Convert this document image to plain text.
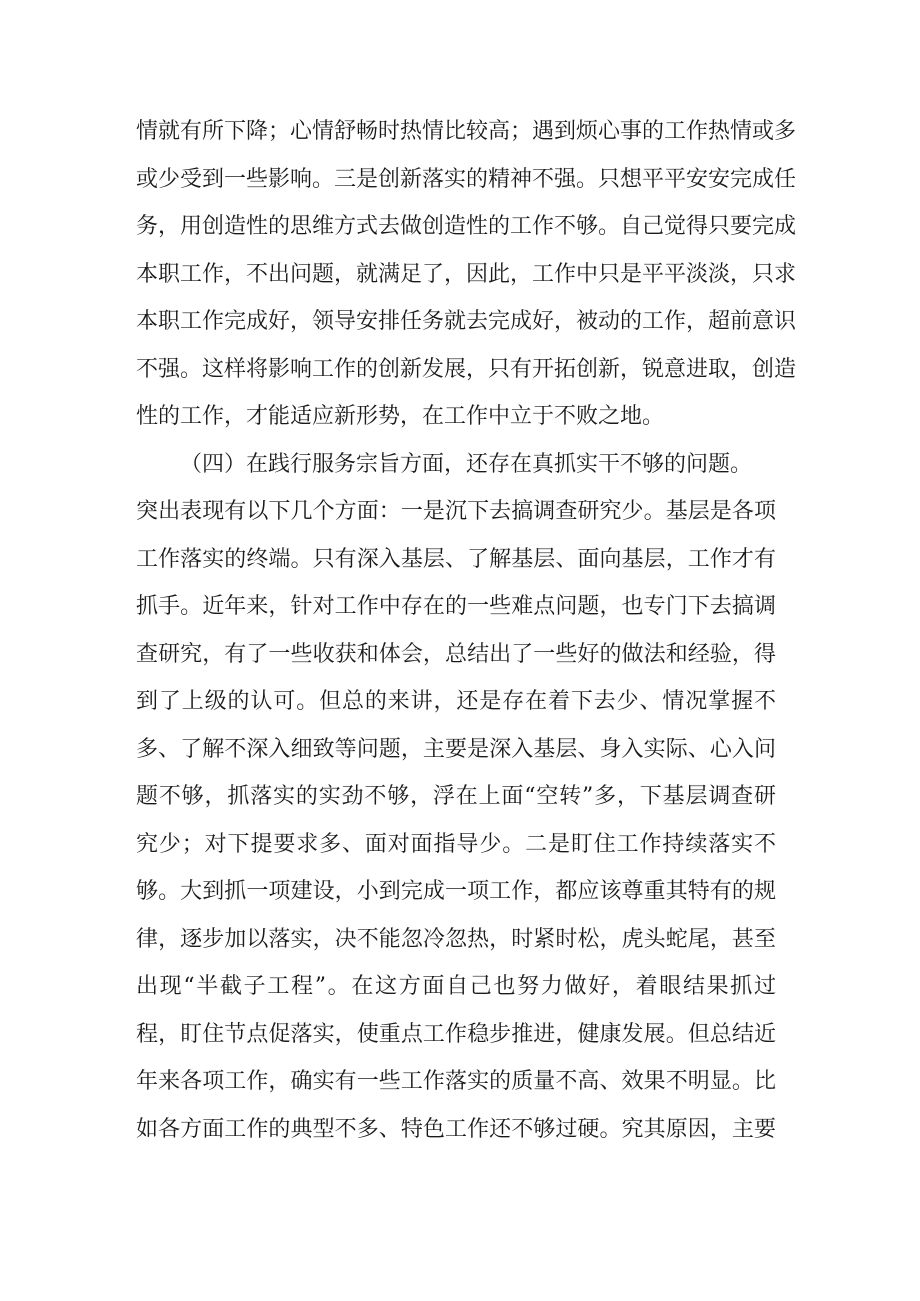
情就有所下降；心情舒畅时热情比较高；遇到烦心事的工作热情或多
或少受到一些影响。三是创新落实的精神不强。只想平平安安完成任
务，用创造性的思维方式去做创造性的工作不够。自己觉得只要完成
本职工作，不出问题，就满足了，因此，工作中只是平平淡淡，只求
本职工作完成好，领导安排任务就去完成好，被动的工作，超前意识
不强。这样将影响工作的创新发展，只有开拓创新，锐意进取，创造
性的工作，才能适应新形势，在工作中立于不败之地。
（四）在践行服务宗旨方面，还存在真抓实干不够的问题。
突出表现有以下几个方面：一是沉下去搞调查研究少。基层是各项
工作落实的终端。只有深入基层、了解基层、面向基层，工作才有
抓手。近年来，针对工作中存在的一些难点问题，也专门下去搞调
查研究，有了一些收获和体会，总结出了一些好的做法和经验，得
到了上级的认可。但总的来讲，还是存在着下去少、情况掌握不
多、了解不深入细致等问题，主要是深入基层、身入实际、心入问
题不够，抓落实的实劲不够，浮在上面“空转”多，下基层调查研
究少；对下提要求多、面对面指导少。二是盯住工作持续落实不
够。大到抓一项建设，小到完成一项工作，都应该尊重其特有的规
律，逐步加以落实，决不能忽冷忽热，时紧时松，虎头蛇尾，甚至
出现“半截子工程”。在这方面自己也努力做好，着眼结果抓过
程，盯住节点促落实，使重点工作稳步推进，健康发展。但总结近
年来各项工作，确实有一些工作落实的质量不高、效果不明显。比
如各方面工作的典型不多、特色工作还不够过硬。究其原因，主要
